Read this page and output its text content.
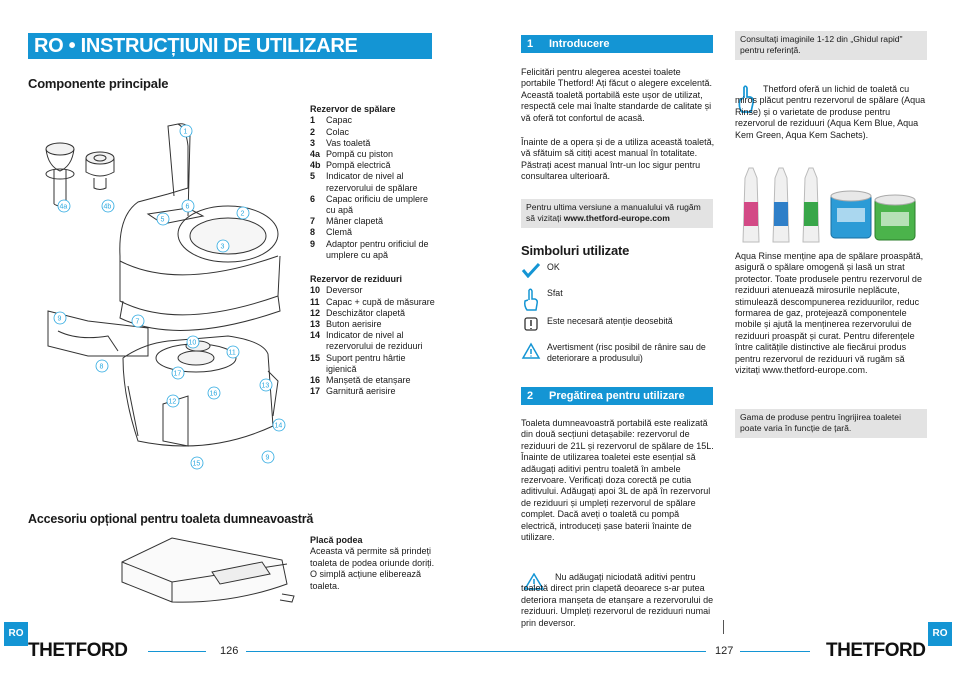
RO • INSTRUCȚIUNI DE UTILIZARE
Componente principale
1
2
3
5
6
4a	4b
9	7
8
10
11
17
16
12
13
14
9
15
Rezervor de spălare
1	Capac
2	Colac
3	Vas toaletă
4a Pompă cu piston
4b Pompă electrică
5	Indicator de nivel al rezervorului de spălare
6	Capac orificiu de umplere cu apă
7	Mâner clapetă
8	Clemă
9	Adaptor pentru orificiul de umplere cu apă
Rezervor de reziduuri
10 Deversor
11 Capac + cupă de măsurare
12 Deschizător clapetă
13 Buton aerisire
14 Indicator de nivel al rezervorului de reziduuri
15 Suport pentru hârtie igienică
16 Manșetă de etanșare
17 Garnitură aerisire
Accesoriu opțional pentru toaleta dumneavoastră
Placă podea
Aceasta vă permite să prindeți toaleta de podea oriunde doriți. O simplă acțiune eliberează toaleta.
RO
THETFORD	126
1 Introducere
Felicitări pentru alegerea acestei toalete portabile Thetford! Ați făcut o alegere excelentă. Această toaletă portabilă este ușor de utilizat, respectă cele mai înalte standarde de calitate și vă oferă tot confortul de acasă.
Înainte de a opera și de a utiliza această toaletă, vă sfătuim să citiți acest manual în totalitate. Păstrați acest manual într-un loc sigur pentru consultarea ulterioară.
Pentru ultima versiune a manualului vă rugăm să vizitați www.thetford-europe.com
Simboluri utilizate
OK
Sfat
Este necesară atenție deosebită
Avertisment (risc posibil de rânire sau de deteriorare a produsului)
2 Pregătirea pentru utilizare
Toaleta dumneavoastră portabilă este realizată din două secțiuni detașabile: rezervorul de reziduuri de 21L și rezervorul de spălare de 15L. Înainte de utilizarea toaletei este esențial să adăugați aditivi pentru toaletă în ambele rezervoare. Verificați doza corectă pe cutia aditivului. Adăugați apoi 3L de apă în rezervorul de reziduuri și umpleți rezervorul de spălare complet. Dacă aveți o toaletă cu pompă electrică, introduceți șase baterii înainte de utilizare.
Nu adăugați niciodată aditivi pentru toaletă direct prin clapetă deoarece s-ar putea deteriora manșeta de etanșare a rezervorului de reziduuri. Umpleți rezervorul de reziduuri numai prin deversor.
127
Consultați imaginile 1-12 din „Ghidul rapid" pentru referință.
Thetford oferă un lichid de toaletă cu miros plăcut pentru rezervorul de spălare (Aqua Rinse) și o varietate de produse pentru rezervorul de reziduuri (Aqua Kem Blue, Aqua Kem Green, Aqua Kem Sachets).
Aqua Rinse menține apa de spălare proaspătă, asigură o spălare omogenă și lasă un strat protector. Toate produsele pentru rezervorul de reziduuri atenuează mirosurile neplăcute, stimulează descompunerea reziduurilor, reduc formarea de gaz, protejează componentele mobile și ajută la menținerea rezervorului de reziduuri proaspăt și curat. Pentru diferențele între calitățile distinctive ale fiecărui produs pentru rezervorul de reziduuri vă rugăm să vizitați www.thetford-europe.com.
Gama de produse pentru îngrijirea toaletei poate varia în funcție de țară.
THETFORD
RO
